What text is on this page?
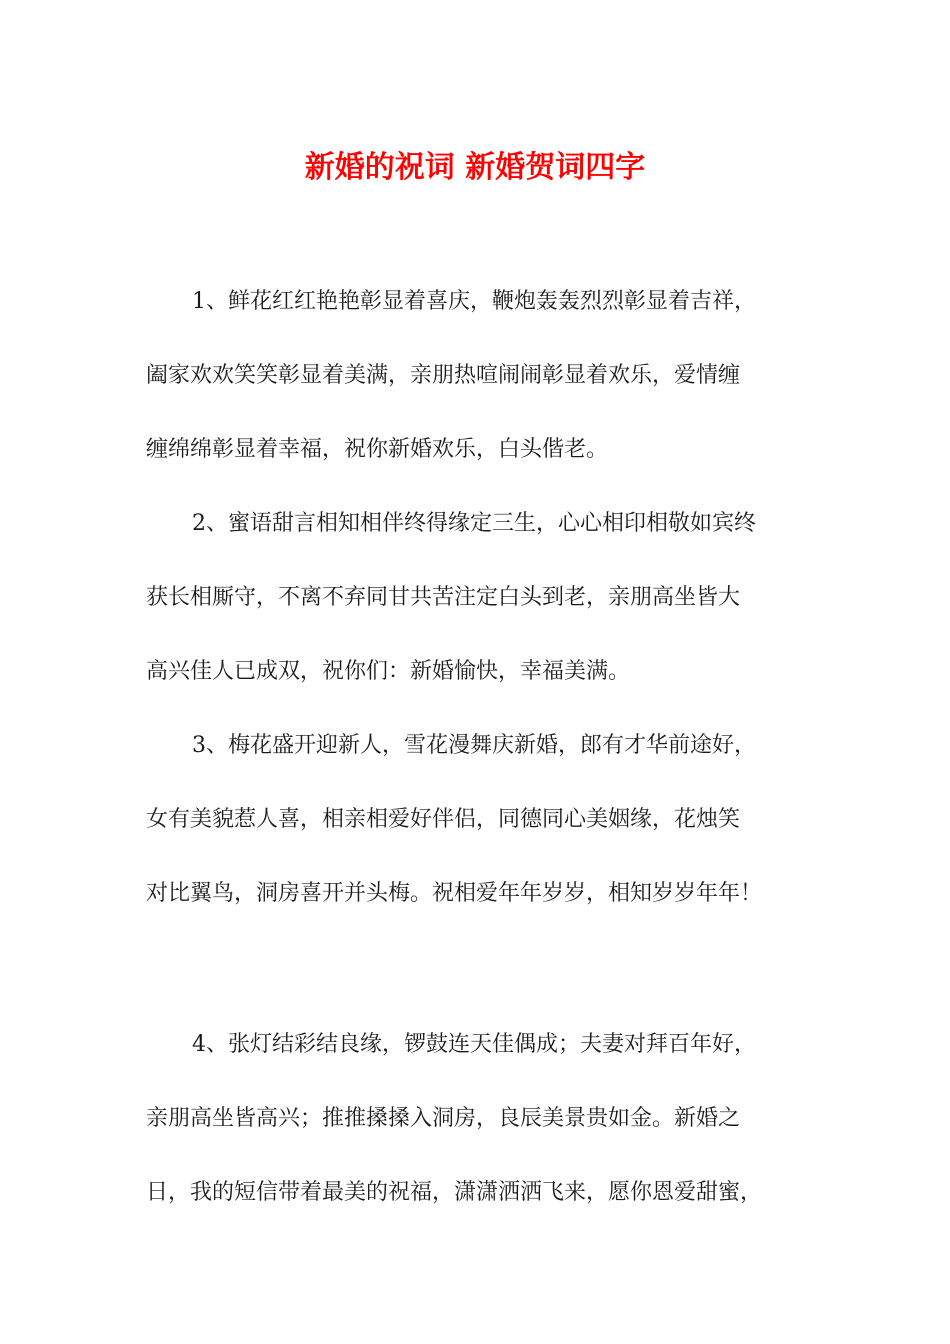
新婚的祝词 新婚贺词四字
1、鲜花红红艳艳彰显着喜庆，鞭炮轰轰烈烈彰显着吉祥，
阖家欢欢笑笑彰显着美满，亲朋热喧闹闹彰显着欢乐，爱情缠
缠绵绵彰显着幸福，祝你新婚欢乐，白头偕老。
2、蜜语甜言相知相伴终得缘定三生，心心相印相敬如宾终
获长相厮守，不离不弃同甘共苦注定白头到老，亲朋高坐皆大
高兴佳人已成双，祝你们：新婚愉快，幸福美满。
3、梅花盛开迎新人，雪花漫舞庆新婚，郎有才华前途好，
女有美貌惹人喜，相亲相爱好伴侣，同德同心美姻缘，花烛笑
对比翼鸟，洞房喜开并头梅。祝相爱年年岁岁，相知岁岁年年！
4、张灯结彩结良缘，锣鼓连天佳偶成；夫妻对拜百年好，
亲朋高坐皆高兴；推推搡搡入洞房，良辰美景贵如金。新婚之
日，我的短信带着最美的祝福，潇潇洒洒飞来，愿你恩爱甜蜜，
